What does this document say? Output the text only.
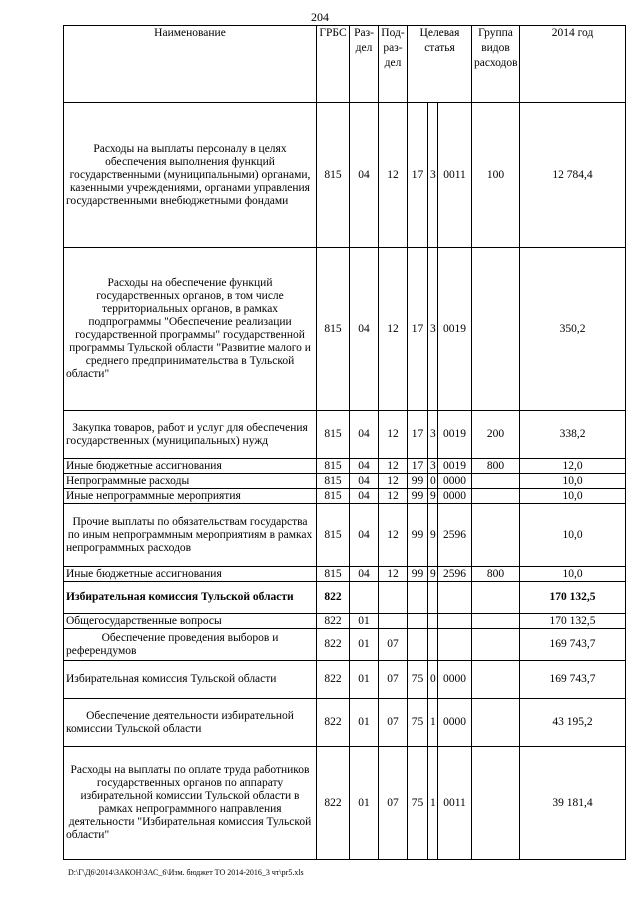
204
Наименование	ГРБС	Раз-дел	Под-раз-дел	Целевая статья			Группа видов расходов	2014 год
Расходы на выплаты персоналу в целях обеспечения выполнения функций государственными (муниципальными) органами, казенными учреждениями, органами управления государственными внебюджетными фондами	815	04	12	17	3	0011	100	12 784,4
Расходы на обеспечение функций государственных органов, в том числе территориальных органов, в рамках подпрограммы "Обеспечение реализации государственной программы" государственной программы Тульской области "Развитие малого и среднего предпринимательства в Тульской области"	815	04	12	17	3	0019		350,2
Закупка товаров, работ и услуг для обеспечения государственных (муниципальных) нужд	815	04	12	17	3	0019	200	338,2
Иные бюджетные ассигнования	815	04	12	17	3	0019	800	12,0
Непрограммные расходы	815	04	12	99	0	0000		10,0
Иные непрограммные мероприятия	815	04	12	99	9	0000		10,0
Прочие выплаты по обязательствам государства по иным непрограммным мероприятиям в рамках непрограммных расходов	815	04	12	99	9	2596		10,0
Иные бюджетные ассигнования	815	04	12	99	9	2596	800	10,0
Избирательная комиссия Тульской области	822							170 132,5
Общегосударственные вопросы	822	01						170 132,5
Обеспечение проведения выборов и референдумов	822	01	07					169 743,7
Избирательная комиссия Тульской области	822	01	07	75	0	0000		169 743,7
Обеспечение деятельности избирательной комиссии Тульской области	822	01	07	75	1	0000		43 195,2
Расходы на выплаты по оплате труда работников государственных органов по аппарату избирательной комиссии Тульской области в рамках непрограммного направления деятельности "Избирательная комиссия Тульской области"	822	01	07	75	1	0011		39 181,4
D:\Г\Д6\2014\ЗАКОН\ЗАС_6\Изм. бюджет ТО 2014-2016_3 чт\pr5.xls
